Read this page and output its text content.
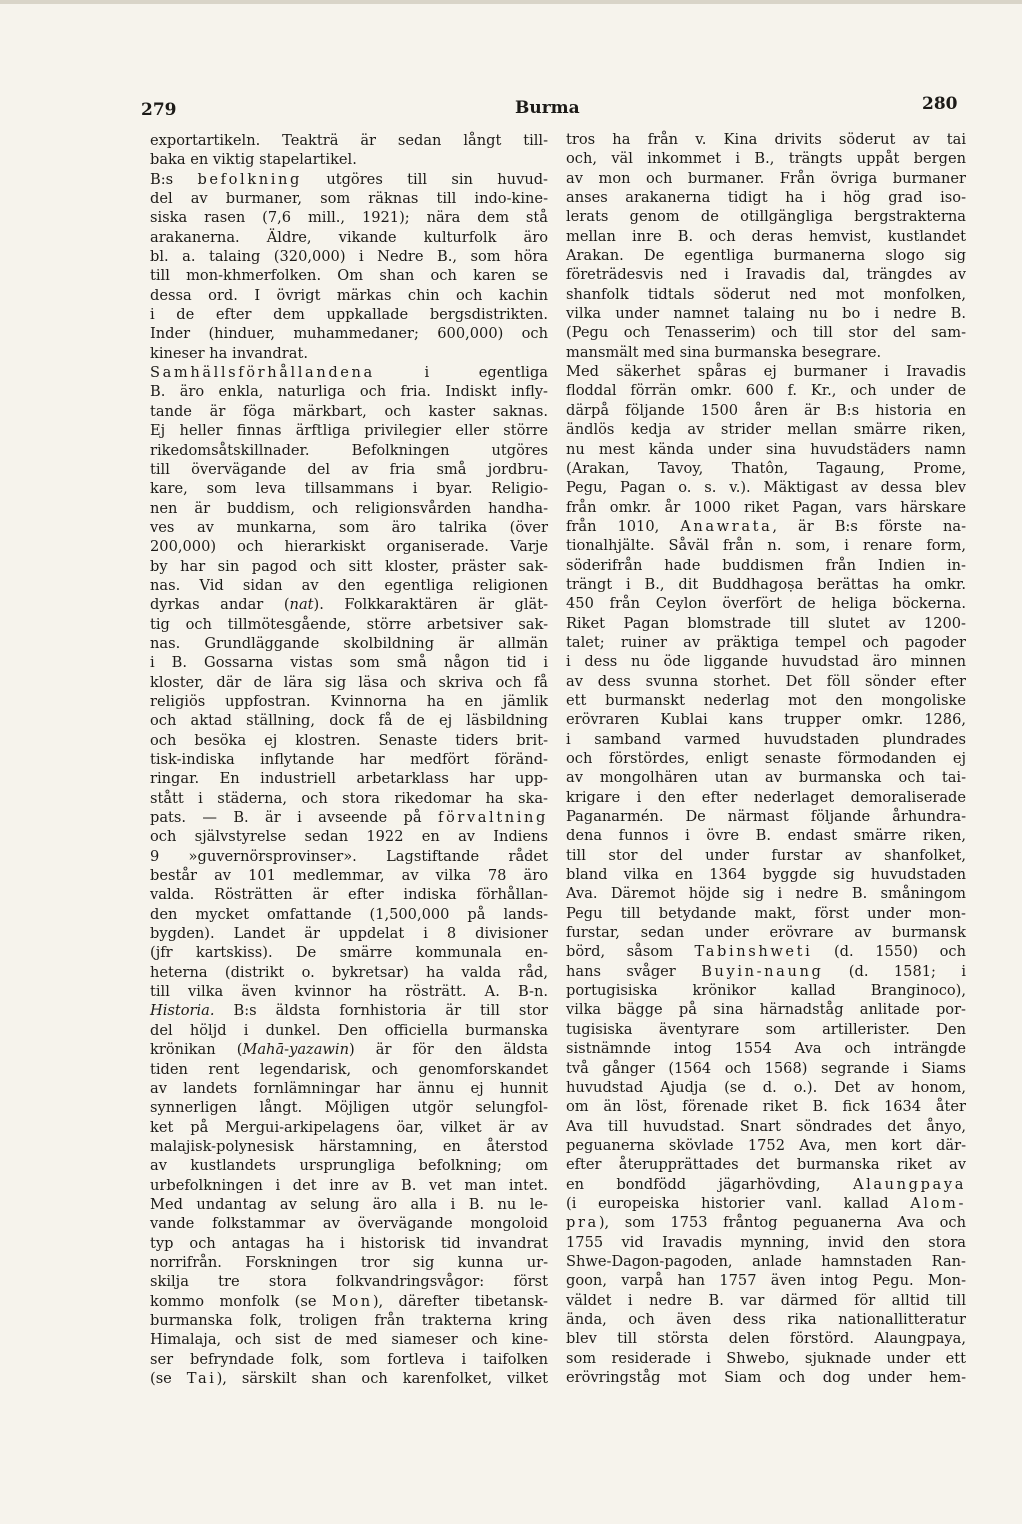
279	Burma	280
exportartikeln. Teakträ är sedan långt till-
baka en viktig stapelartikel.
B:s befolkning utgöres till sin huvud-
del av burmaner, som räknas till indo-kine-
siska rasen (7,6 mill., 1921); nära dem stå
arakanerna. Äldre, vikande kulturfolk äro
bl. a. talaing (320,000) i Nedre B., som höra
till mon-khmerfolken. Om shan och karen se
dessa ord. I övrigt märkas chin och kachin
i de efter dem uppkallade bergsdistrikten.
Inder (hinduer, muhammedaner; 600,000) och
kineser ha invandrat.
Samhällsförhållandena i egentliga
B. äro enkla, naturliga och fria. Indiskt infly-
tande är föga märkbart, och kaster saknas.
Ej heller finnas ärftliga privilegier eller större
rikedomsåtskillnader. Befolkningen utgöres
till övervägande del av fria små jordbru-
kare, som leva tillsammans i byar. Religio-
nen är buddism, och religionsvården handha-
ves av munkarna, som äro talrika (över
200,000) och hierarkiskt organiserade. Varje
by har sin pagod och sitt kloster, präster sak-
nas. Vid sidan av den egentliga religionen
dyrkas andar (nat). Folkkaraktären är glät-
tig och tillmötesgående, större arbetsiver sak-
nas. Grundläggande skolbildning är allmän
i B. Gossarna vistas som små någon tid i
kloster, där de lära sig läsa och skriva och få
religiös uppfostran. Kvinnorna ha en jämlik
och aktad ställning, dock få de ej läsbildning
och besöka ej klostren. Senaste tiders brit-
tisk-indiska inflytande har medfört föränd-
ringar. En industriell arbetarklass har upp-
stått i städerna, och stora rikedomar ha ska-
pats. — B. är i avseende på förvaltning
och självstyrelse sedan 1922 en av Indiens
9 »guvernörsprovinser». Lagstiftande rådet
består av 101 medlemmar, av vilka 78 äro
valda. Rösträtten är efter indiska förhållan-
den mycket omfattande (1,500,000 på lands-
bygden). Landet är uppdelat i 8 divisioner
(jfr kartskiss). De smärre kommunala en-
heterna (distrikt o. bykretsar) ha valda råd,
till vilka även kvinnor ha rösträtt. A. B-n.
Historia. B:s äldsta fornhistoria är till stor
del höljd i dunkel. Den officiella burmanska
krönikan (Mahā-yazawin) är för den äldsta
tiden rent legendarisk, och genomforskandet
av landets fornlämningar har ännu ej hunnit
synnerligen långt. Möjligen utgör selungfol-
ket på Mergui-arkipelagens öar, vilket är av
malajisk-polynesisk härstamning, en återstod
av kustlandets ursprungliga befolkning; om
urbefolkningen i det inre av B. vet man intet.
Med undantag av selung äro alla i B. nu le-
vande folkstammar av övervägande mongoloid
typ och antagas ha i historisk tid invandrat
norrifrån. Forskningen tror sig kunna ur-
skilja tre stora folkvandringsvågor: först
kommo monfolk (se Mon), därefter tibetansk-
burmanska folk, troligen från trakterna kring
Himalaja, och sist de med siameser och kine-
ser befryndade folk, som fortleva i taifolken
(se Tai), särskilt shan och karenfolket, vilket
tros ha från v. Kina drivits söderut av tai
och, väl inkommet i B., trängts uppåt bergen
av mon och burmaner. Från övriga burmaner
anses arakanerna tidigt ha i hög grad iso-
lerats genom de otillgängliga bergstrakterna
mellan inre B. och deras hemvist, kustlandet
Arakan. De egentliga burmanerna slogo sig
företrädesvis ned i Iravadis dal, trängdes av
shanfolk tidtals söderut ned mot monfolken,
vilka under namnet talaing nu bo i nedre B.
(Pegu och Tenasserim) och till stor del sam-
mansmält med sina burmanska besegrare.
Med säkerhet spåras ej burmaner i Iravadis
floddal förrän omkr. 600 f. Kr., och under de
därpå följande 1500 åren är B:s historia en
ändlös kedja av strider mellan smärre riken,
nu mest kända under sina huvudstäders namn
(Arakan, Tavoy, Thatôn, Tagaung, Prome,
Pegu, Pagan o. s. v.). Mäktigast av dessa blev
från omkr. år 1000 riket Pagan, vars härskare
från 1010, Anawrata, är B:s förste na-
tionalhjälte. Såväl från n. som, i renare form,
söderifrån hade buddismen från Indien in-
trängt i B., dit Buddhagoṣa berättas ha omkr.
450 från Ceylon överfört de heliga böckerna.
Riket Pagan blomstrade till slutet av 1200-
talet; ruiner av präktiga tempel och pagoder
i dess nu öde liggande huvudstad äro minnen
av dess svunna storhet. Det föll sönder efter
ett burmanskt nederlag mot den mongoliske
erövraren Kublai kans trupper omkr. 1286,
i samband varmed huvudstaden plundrades
och förstördes, enligt senaste förmodanden ej
av mongolhären utan av burmanska och tai-
krigare i den efter nederlaget demoraliserade
Paganarmén. De närmast följande århundra-
dena funnos i övre B. endast smärre riken,
till stor del under furstar av shanfolket,
bland vilka en 1364 byggde sig huvudstaden
Ava. Däremot höjde sig i nedre B. småningom
Pegu till betydande makt, först under mon-
furstar, sedan under erövrare av burmansk
börd, såsom Tabinshweti (d. 1550) och
hans svåger Buyin-naung (d. 1581; i
portugisiska krönikor kallad Branginoco),
vilka bägge på sina härnadståg anlitade por-
tugisiska äventyrare som artillerister. Den
sistnämnde intog 1554 Ava och inträngde
två gånger (1564 och 1568) segrande i Siams
huvudstad Ajudja (se d. o.). Det av honom,
om än löst, förenade riket B. fick 1634 åter
Ava till huvudstad. Snart söndrades det ånyo,
peguanerna skövlade 1752 Ava, men kort där-
efter återupprättades det burmanska riket av
en bondfödd jägarhövding, Alaungpaya
(i europeiska historier vanl. kallad Alom-
pra), som 1753 fråntog peguanerna Ava och
1755 vid Iravadis mynning, invid den stora
Shwe-Dagon-pagoden, anlade hamnstaden Ran-
goon, varpå han 1757 även intog Pegu. Mon-
väldet i nedre B. var därmed för alltid till
ända, och även dess rika nationallitteratur
blev till största delen förstörd. Alaungpaya,
som residerade i Shwebo, sjuknade under ett
erövringståg mot Siam och dog under hem-
